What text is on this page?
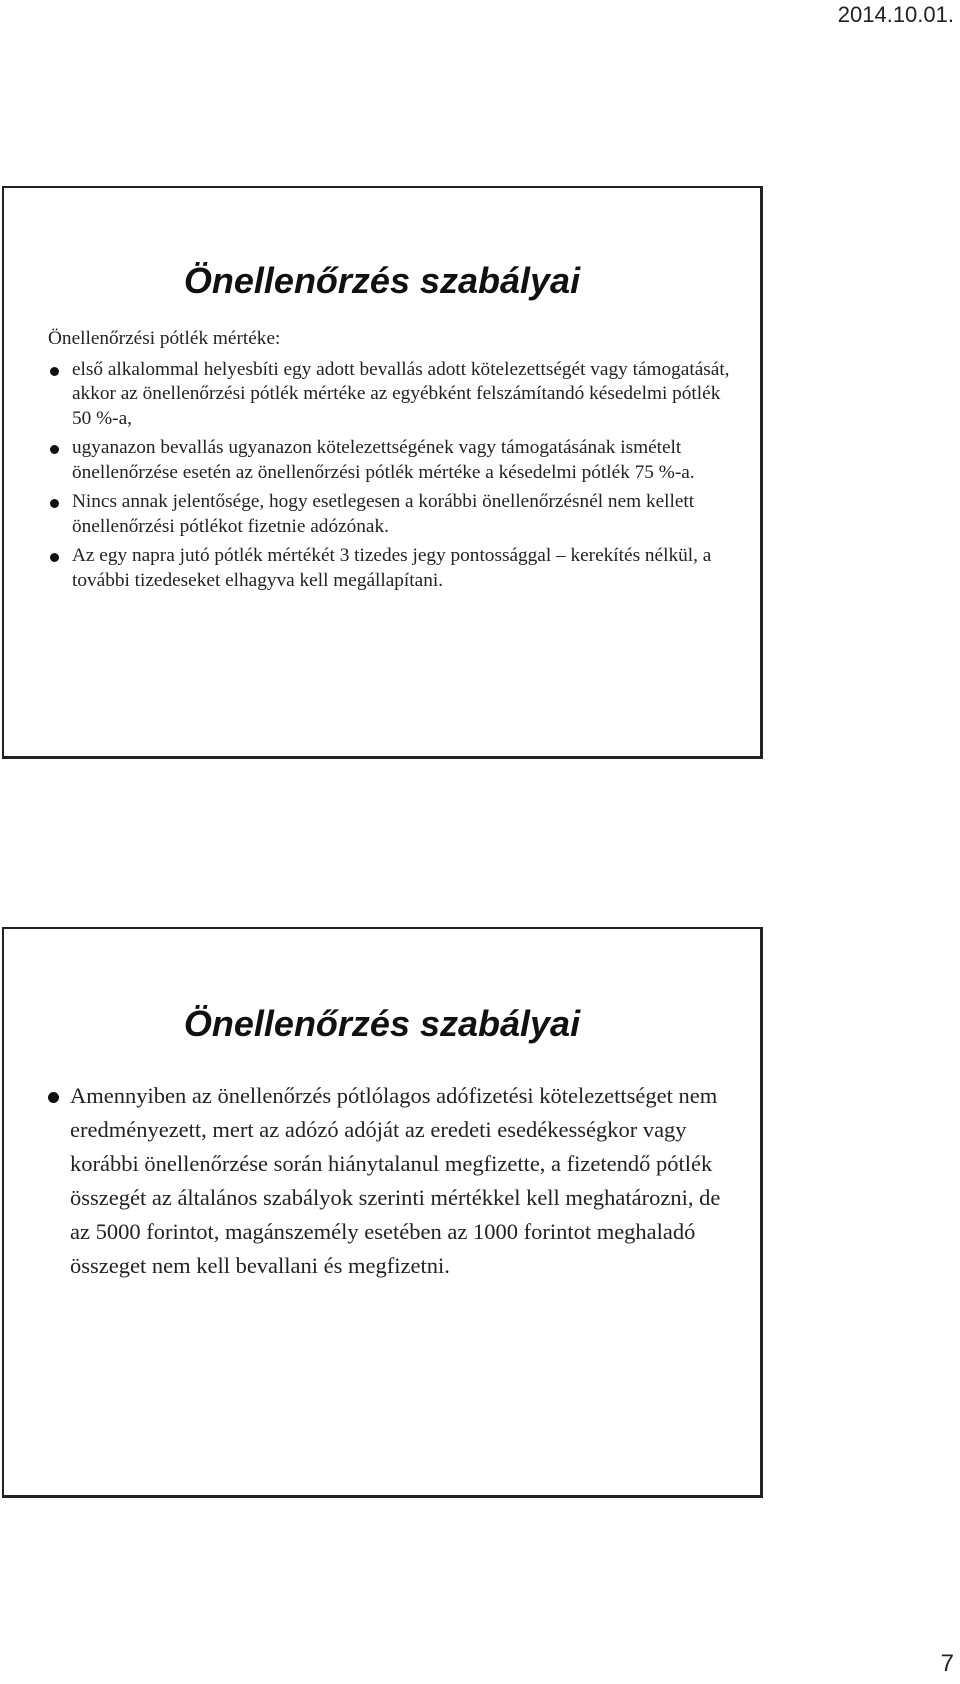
2014.10.01.
Önellenőrzés szabályai

Önellenőrzési pótlék mértéke:

első alkalommal helyesbíti egy adott bevallás adott kötelezettségét vagy támogatását, akkor az önellenőrzési pótlék mértéke az egyébként felszámítandó késedelmi pótlék 50 %-a,
ugyanazon bevallás ugyanazon kötelezettségének vagy támogatásának ismételt önellenőrzése esetén az önellenőrzési pótlék mértéke a késedelmi pótlék 75 %-a.
Nincs annak jelentősége, hogy esetlegesen a korábbi önellenőrzésnél nem kellett önellenőrzési pótlékot fizetnie adózónak.
Az egy napra jutó pótlék mértékét 3 tizedes jegy pontossággal – kerekítés nélkül, a további tizedeseket elhagyva kell megállapítani.
Önellenőrzés szabályai
Amennyiben az önellenőrzés pótlólagos adófizetési kötelezettséget nem eredményezett, mert az adózó adóját az eredeti esedékességkor vagy korábbi önellenőrzése során hiánytalanul megfizette, a fizetendő pótlék összegét az általános szabályok szerinti mértékkel kell meghatározni, de az 5000 forintot, magánszemély esetében az 1000 forintot meghaladó összeget nem kell bevallani és megfizetni.
7
